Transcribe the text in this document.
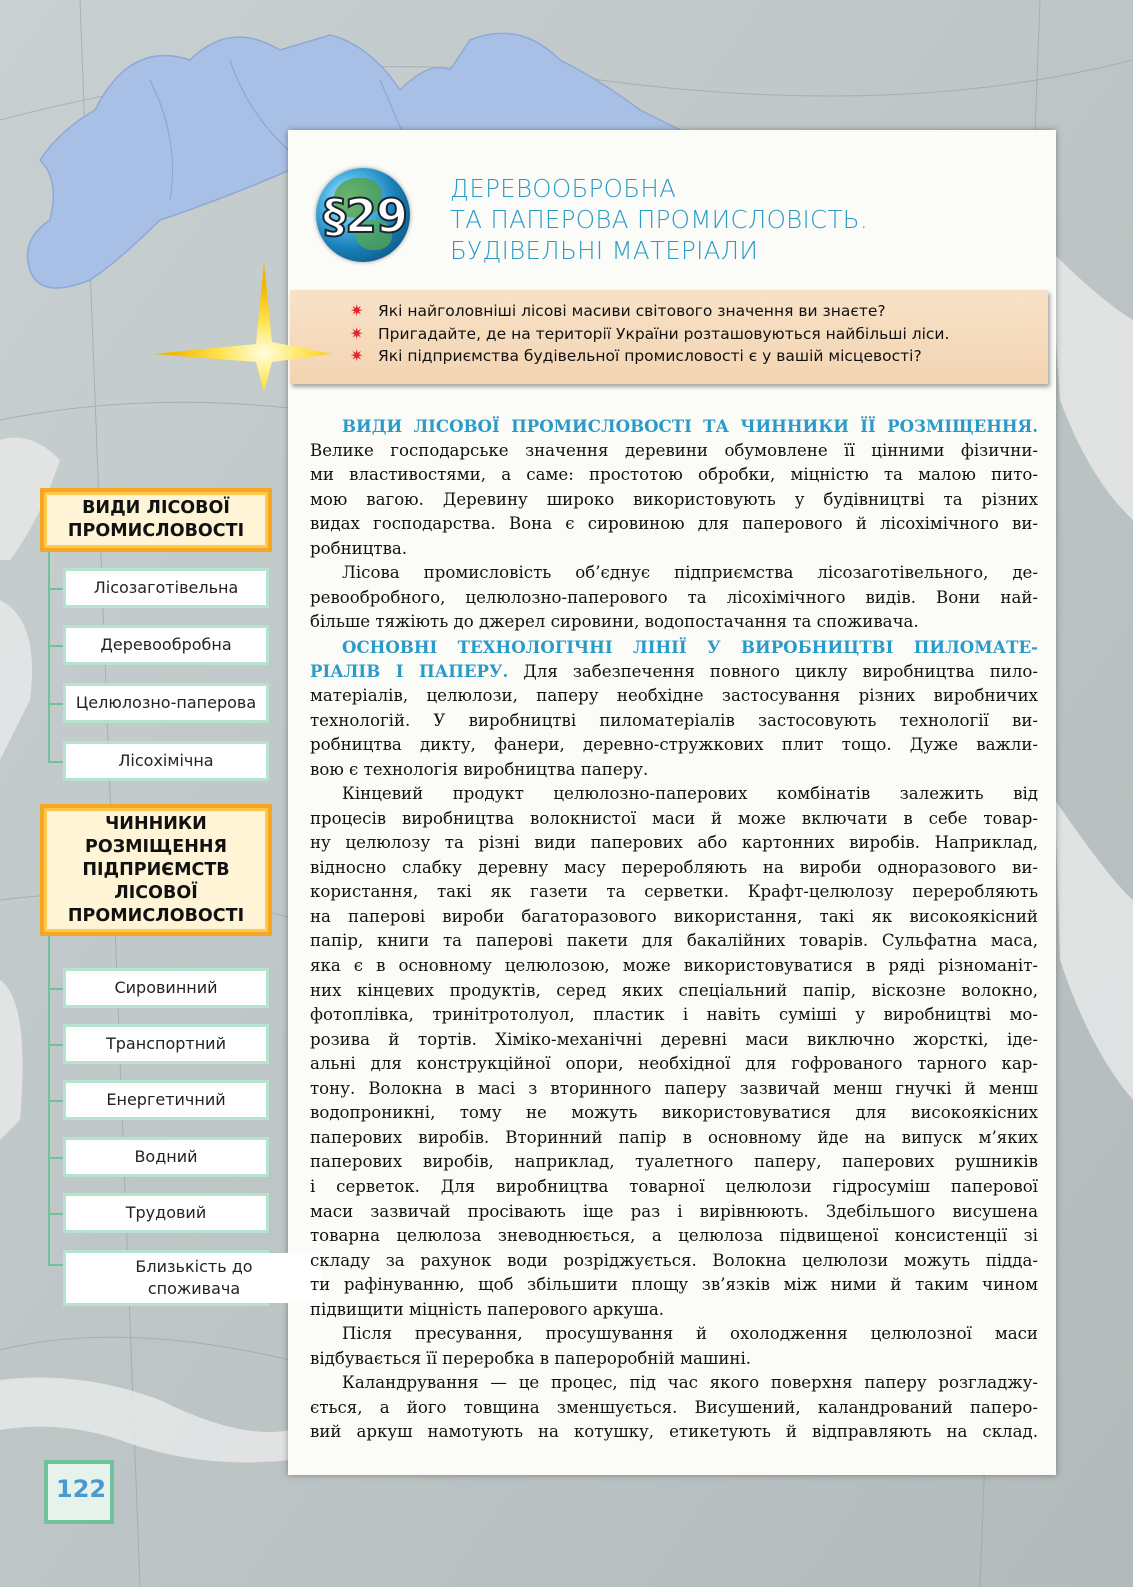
§29
ДЕРЕВООБРОБНА
ТА ПАПЕРОВА ПРОМИСЛОВІСТЬ.
БУДІВЕЛЬНІ МАТЕРІАЛИ
✷ Які найголовніші лісові масиви світового значення ви знаєте?
✷ Пригадайте, де на території України розташовуються найбільші ліси.
✷ Які підприємства будівельної промисловості є у вашій місцевості?
ВИДИ ЛІСОВОЇ ПРОМИСЛОВОСТІ
Лісозаготівельна
Деревообробна
Целюлозно-паперова
Лісохімічна
ЧИННИКИ РОЗМІЩЕННЯ ПІДПРИЄМСТВ ЛІСОВОЇ ПРОМИСЛОВОСТІ
Сировинний
Транспортний
Енергетичний
Водний
Трудовий
Близькість до споживача
ВИДИ ЛІСОВОЇ ПРОМИСЛОВОСТІ ТА ЧИННИКИ ЇЇ РОЗМІЩЕННЯ.
Велике господарське значення деревини обумовлене її цінними фізични-
ми властивостями, а саме: простотою обробки, міцністю та малою пито-
мою вагою. Деревину широко використовують у будівництві та різних
видах господарства. Вона є сировиною для паперового й лісохімічного ви-
робництва.
Лісова промисловість об’єднує підприємства лісозаготівельного, де-
ревообробного, целюлозно-паперового та лісохімічного видів. Вони най-
більше тяжіють до джерел сировини, водопостачання та споживача.
ОСНОВНІ ТЕХНОЛОГІЧНІ ЛІНІЇ У ВИРОБНИЦТВІ ПИЛОМАТЕ-
РІАЛІВ І ПАПЕРУ. Для забезпечення повного циклу виробництва пило-
матеріалів, целюлози, паперу необхідне застосування різних виробничих
технологій. У виробництві пиломатеріалів застосовують технології ви-
робництва дикту, фанери, деревно-стружкових плит тощо. Дуже важли-
вою є технологія виробництва паперу.
Кінцевий продукт целюлозно-паперових комбінатів залежить від
процесів виробництва волокнистої маси й може включати в себе товар-
ну целюлозу та різні види паперових або картонних виробів. Наприклад,
відносно слабку деревну масу переробляють на вироби одноразового ви-
користання, такі як газети та серветки. Крафт-целюлозу переробляють
на паперові вироби багаторазового використання, такі як високоякісний
папір, книги та паперові пакети для бакалійних товарів. Сульфатна маса,
яка є в основному целюлозою, може використовуватися в ряді різноманіт-
них кінцевих продуктів, серед яких спеціальний папір, віскозне волокно,
фотоплівка, тринітротолуол, пластик і навіть суміші у виробництві мо-
розива й тортів. Хіміко-механічні деревні маси виключно жорсткі, іде-
альні для конструкційної опори, необхідної для гофрованого тарного кар-
тону. Волокна в масі з вторинного паперу зазвичай менш гнучкі й менш
водопроникні, тому не можуть використовуватися для високоякісних
паперових виробів. Вторинний папір в основному йде на випуск м’яких
паперових виробів, наприклад, туалетного паперу, паперових рушників
і серветок. Для виробництва товарної целюлози гідросуміш паперової
маси зазвичай просівають іще раз і вирівнюють. Здебільшого висушена
товарна целюлоза зневоднюється, а целюлоза підвищеної консистенції зі
складу за рахунок води розріджується. Волокна целюлози можуть підда-
ти рафінуванню, щоб збільшити площу зв’язків між ними й таким чином
підвищити міцність паперового аркуша.
Після пресування, просушування й охолодження целюлозної маси
відбувається її переробка в папероробній машині.
Каландрування — це процес, під час якого поверхня паперу розгладжу-
ється, а його товщина зменшується. Висушений, каландрований паперо-
вий аркуш намотують на котушку, етикетують й відправляють на склад.
122
